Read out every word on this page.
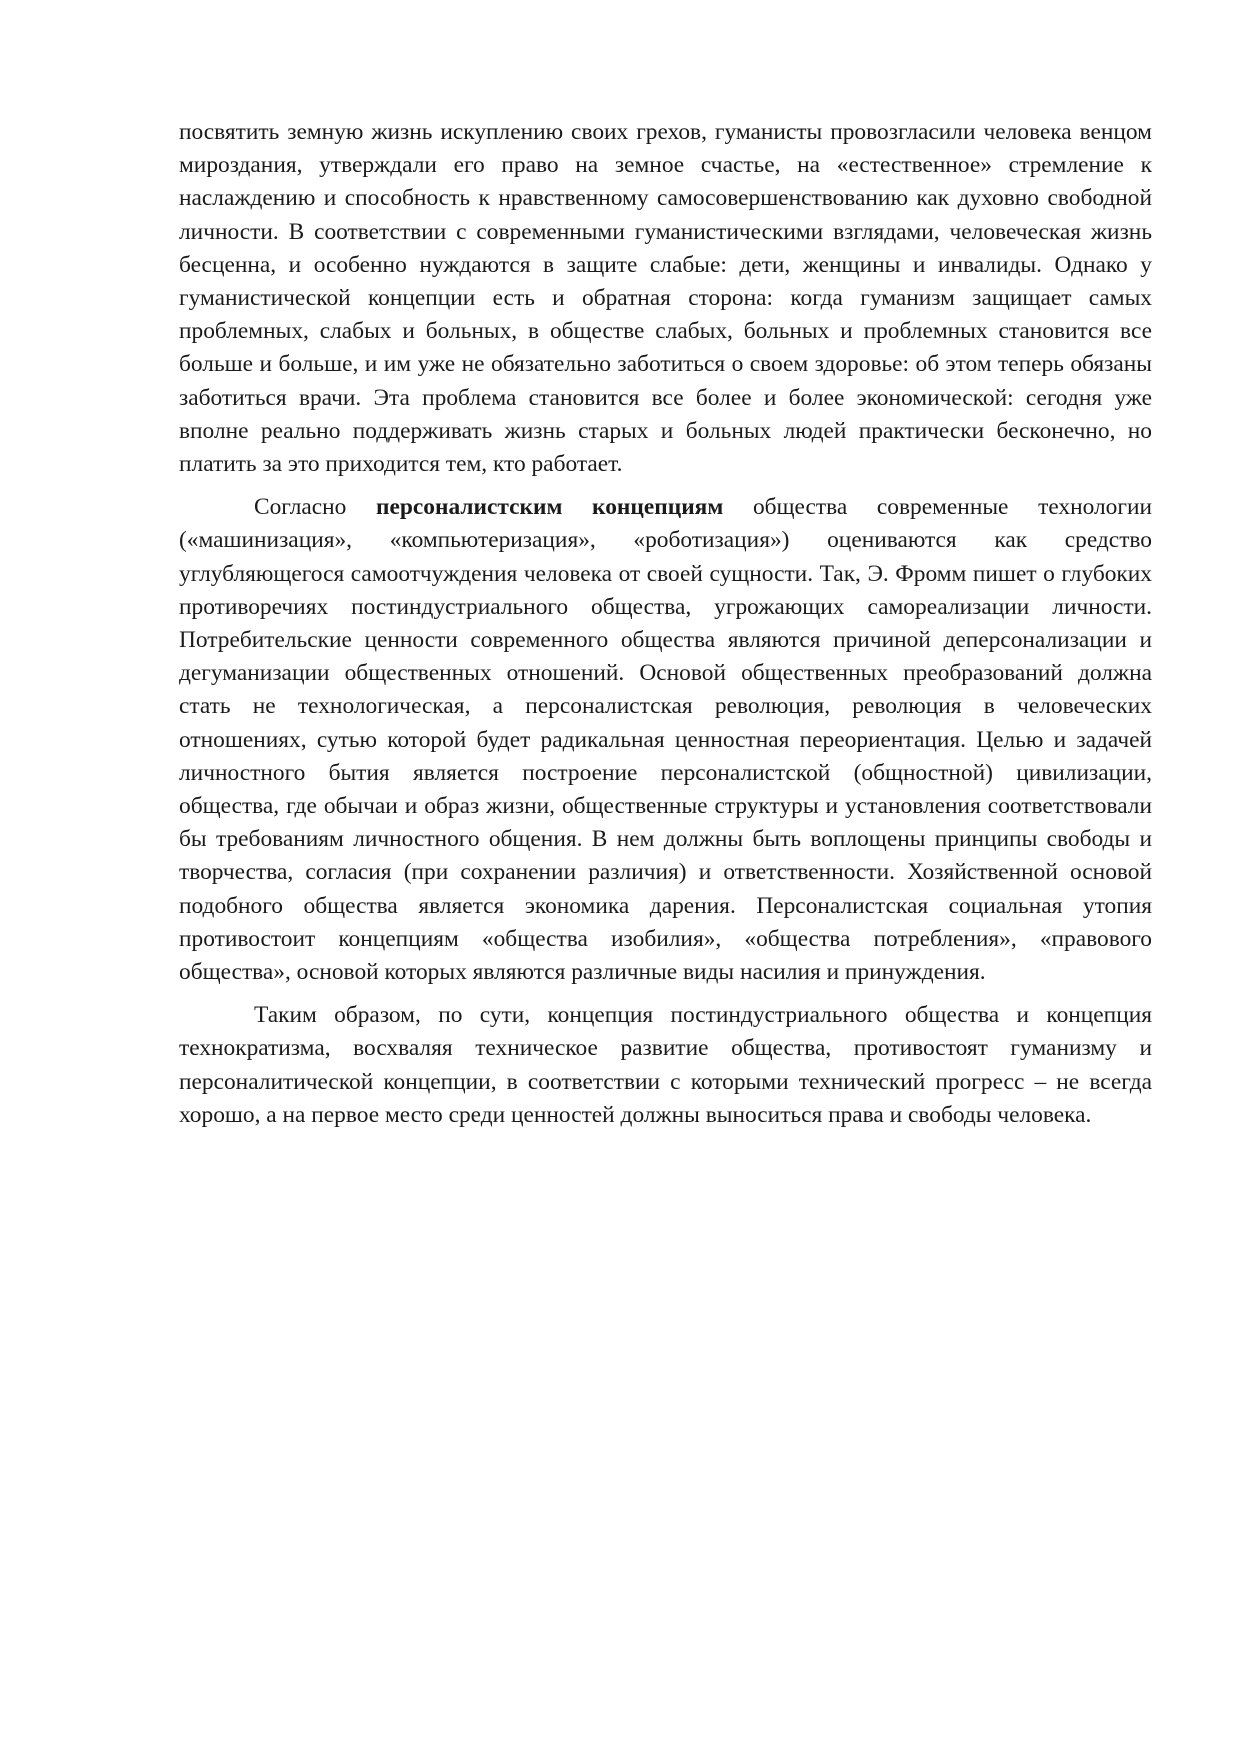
посвятить земную жизнь искуплению своих грехов, гуманисты провозгласили человека венцом мироздания, утверждали его право на земное счастье, на «естественное» стремление к наслаждению и способность к нравственному самосовершенствованию как духовно свободной личности. В соответствии с современными гуманистическими взглядами, человеческая жизнь бесценна, и особенно нуждаются в защите слабые: дети, женщины и инвалиды. Однако у гуманистической концепции есть и обратная сторона: когда гуманизм защищает самых проблемных, слабых и больных, в обществе слабых, больных и проблемных становится все больше и больше, и им уже не обязательно заботиться о своем здоровье: об этом теперь обязаны заботиться врачи. Эта проблема становится все более и более экономической: сегодня уже вполне реально поддерживать жизнь старых и больных людей практически бесконечно, но платить за это приходится тем, кто работает.

Согласно персоналистским концепциям общества современные технологии («машинизация», «компьютеризация», «роботизация») оцениваются как средство углубляющегося самоотчуждения человека от своей сущности. Так, Э. Фромм пишет о глубоких противоречиях постиндустриального общества, угрожающих самореализации личности. Потребительские ценности современного общества являются причиной деперсонализации и дегуманизации общественных отношений. Основой общественных преобразований должна стать не технологическая, а персоналистская революция, революция в человеческих отношениях, сутью которой будет радикальная ценностная переориентация. Целью и задачей личностного бытия является построение персоналистской (общностной) цивилизации, общества, где обычаи и образ жизни, общественные структуры и установления соответствовали бы требованиям личностного общения. В нем должны быть воплощены принципы свободы и творчества, согласия (при сохранении различия) и ответственности. Хозяйственной основой подобного общества является экономика дарения. Персоналистская социальная утопия противостоит концепциям «общества изобилия», «общества потребления», «правового общества», основой которых являются различные виды насилия и принуждения.

Таким образом, по сути, концепция постиндустриального общества и концепция технократизма, восхваляя техническое развитие общества, противостоят гуманизму и персоналитической концепции, в соответствии с которыми технический прогресс – не всегда хорошо, а на первое место среди ценностей должны выноситься права и свободы человека.
